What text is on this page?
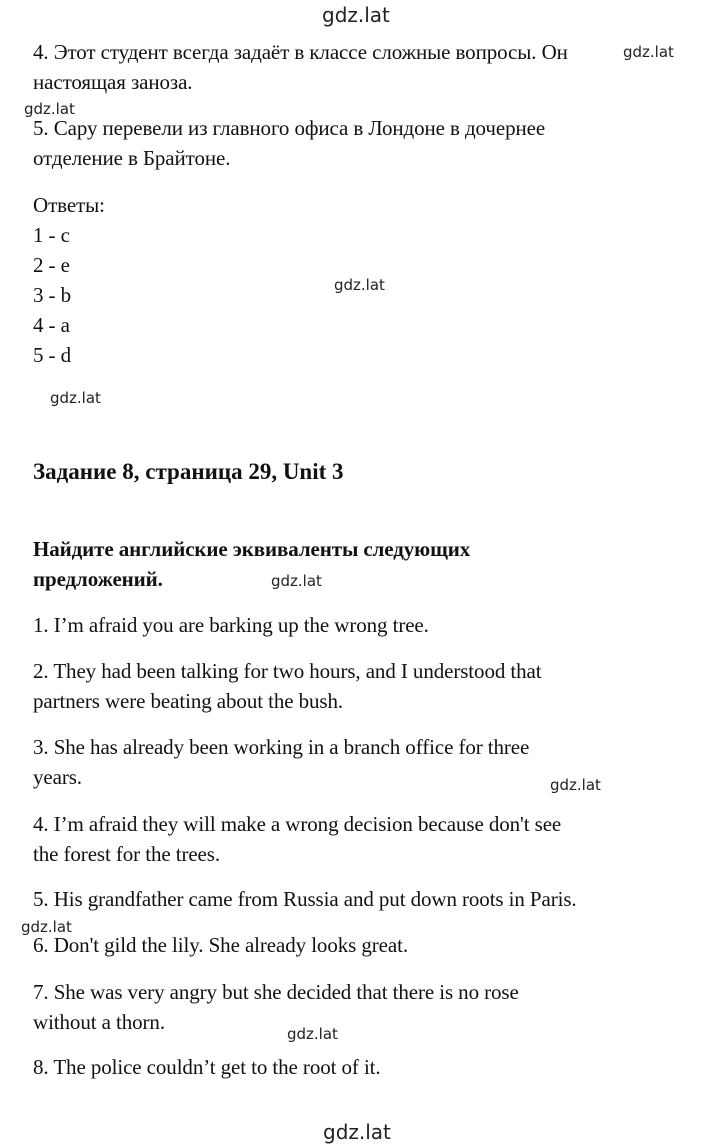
gdz.lat
gdz.lat
gdz.lat
gdz.lat
gdz.lat
gdz.lat
gdz.lat
gdz.lat
gdz.lat
gdz.lat
4. Этот студент всегда задаёт в классе сложные вопросы. Он
настоящая заноза.
5. Сару перевели из главного офиса в Лондоне в дочернее
отделение в Брайтоне.
Ответы:
1 - c
2 - e
3 - b
4 - a
5 - d
Задание 8, страница 29, Unit 3
Найдите английские эквиваленты следующих
предложений.
1. I’m afraid you are barking up the wrong tree.
2. They had been talking for two hours, and I understood that
partners were beating about the bush.
3. She has already been working in a branch office for three
years.
4. I’m afraid they will make a wrong decision because don't see
the forest for the trees.
5. His grandfather came from Russia and put down roots in Paris.
6. Don't gild the lily. She already looks great.
7. She was very angry but she decided that there is no rose
without a thorn.
8. The police couldn’t get to the root of it.
